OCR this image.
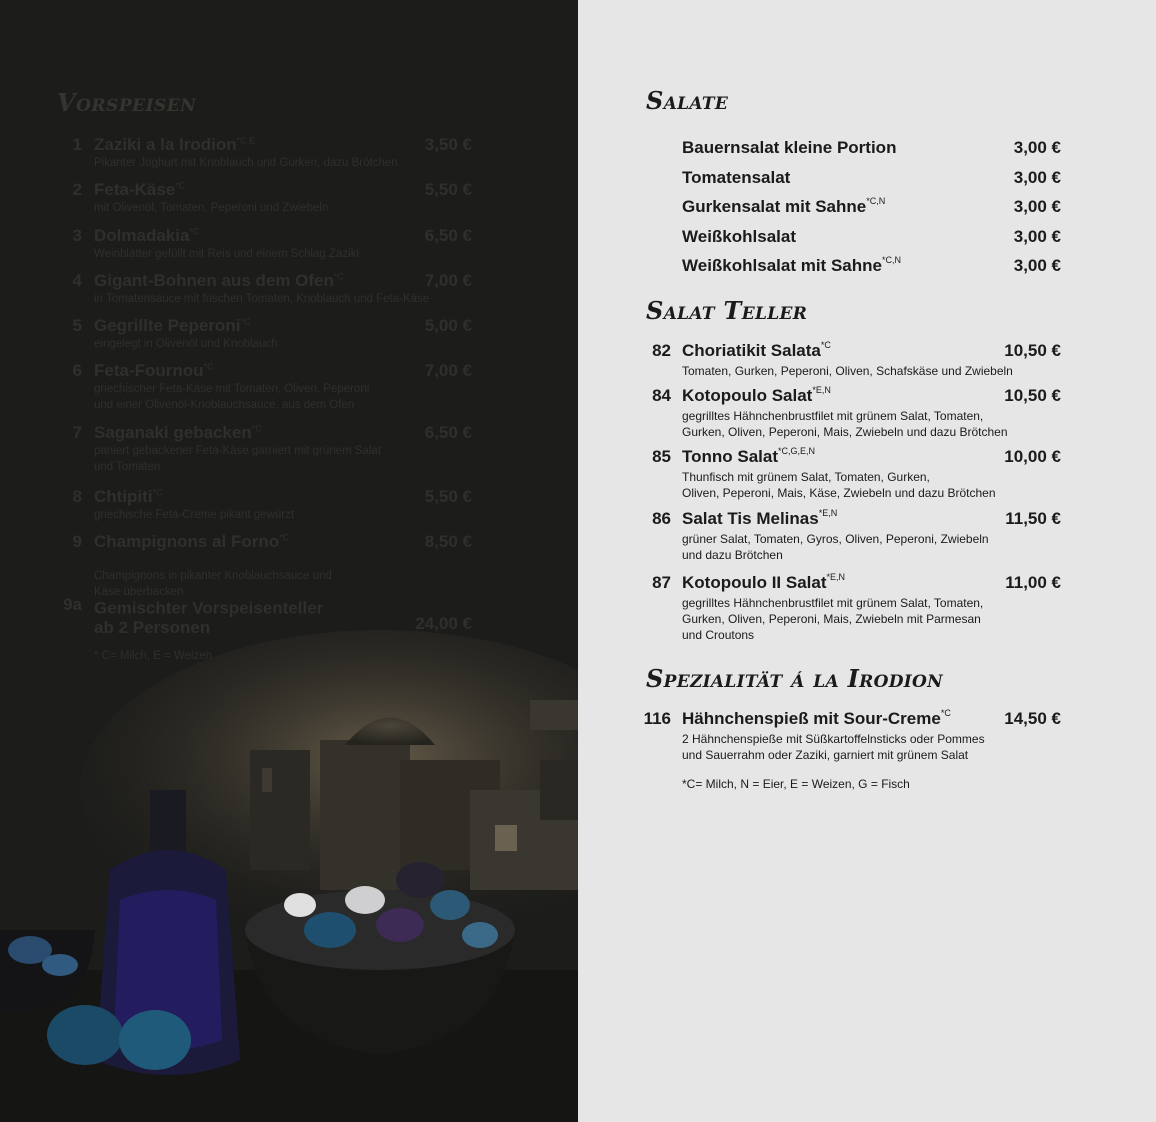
Vorspeisen
1 Zaziki a la Irodion$^{*C,E}$	3,50 €
Pikanter Joghurt mit Knoblauch und Gurken, dazu Brötchen
2 Feta-Käse$^{*C}$	5,50 €
mit Olivenöl, Tomaten, Peperoni und Zwiebeln
3 Dolmadakia$^{*C}$	6,50 €
Weinblätter gefüllt mit Reis und einem Schlag Zaziki
4 Gigant-Bohnen aus dem Ofen$^{*C}$	7,00 €
in Tomatensauce mit frischen Tomaten, Knoblauch und Feta-Käse
5 Gegrillte Peperoni$^{*C}$	5,00 €
eingelegt in Olivenöl und Knoblauch
6 Feta-Fournou$^{*C}$	7,00 €
griechischer Feta-Käse mit Tomaten, Oliven, Peperoni
und einer Olivenöl-Knoblauchsauce, aus dem Ofen
7 Saganaki gebacken$^{*C}$	6,50 €
paniert gebackener Feta-Käse garniert mit grünem Salat
und Tomaten
8 Chtipiti$^{*C}$	5,50 €
griechische Feta-Creme pikant gewürzt
9 Champignons al Forno$^{*C}$	8,50 €
Champignons in pikanter Knoblauchsauce und
Käse überbacken
9a Gemischter Vorspeisenteller
ab 2 Personen	24,00 €
* C= Milch, E = Weizen
Salate
Salat Teller
Spezialität á la Irodion
Bauernsalat kleine Portion	3,00 €
Tomatensalat	3,00 €
Gurkensalat mit Sahne$^{*C,N}$	3,00 €
Weißkohlsalat	3,00 €
Weißkohlsalat mit Sahne$^{*C,N}$	3,00 €
82 Choriatikit Salata$^{*C}$	10,50 €
Tomaten, Gurken, Peperoni, Oliven, Schafskäse und Zwiebeln
84 Kotopoulo Salat$^{*E,N}$	10,50 €
gegrilltes Hähnchenbrustfilet mit grünem Salat, Tomaten,
Gurken, Oliven, Peperoni, Mais, Zwiebeln und dazu Brötchen
85 Tonno Salat$^{*C,G,E,N}$	10,00 €
Thunfisch mit grünem Salat, Tomaten, Gurken,
Oliven, Peperoni, Mais, Käse, Zwiebeln und dazu Brötchen
86 Salat Tis Melinas$^{*E,N}$	11,50 €
grüner Salat, Tomaten, Gyros, Oliven, Peperoni, Zwiebeln
und dazu Brötchen
87 Kotopoulo II Salat$^{*E,N}$	11,00 €
gegrilltes Hähnchenbrustfilet mit grünem Salat, Tomaten,
Gurken, Oliven, Peperoni, Mais, Zwiebeln mit Parmesan
und Croutons
116 Hähnchenspieß mit Sour-Creme$^{*C}$	14,50 €
2 Hähnchenspieße mit Süßkartoffelnsticks oder Pommes
und Sauerrahm oder Zaziki, garniert mit grünem Salat
*C= Milch, N = Eier, E = Weizen, G = Fisch
